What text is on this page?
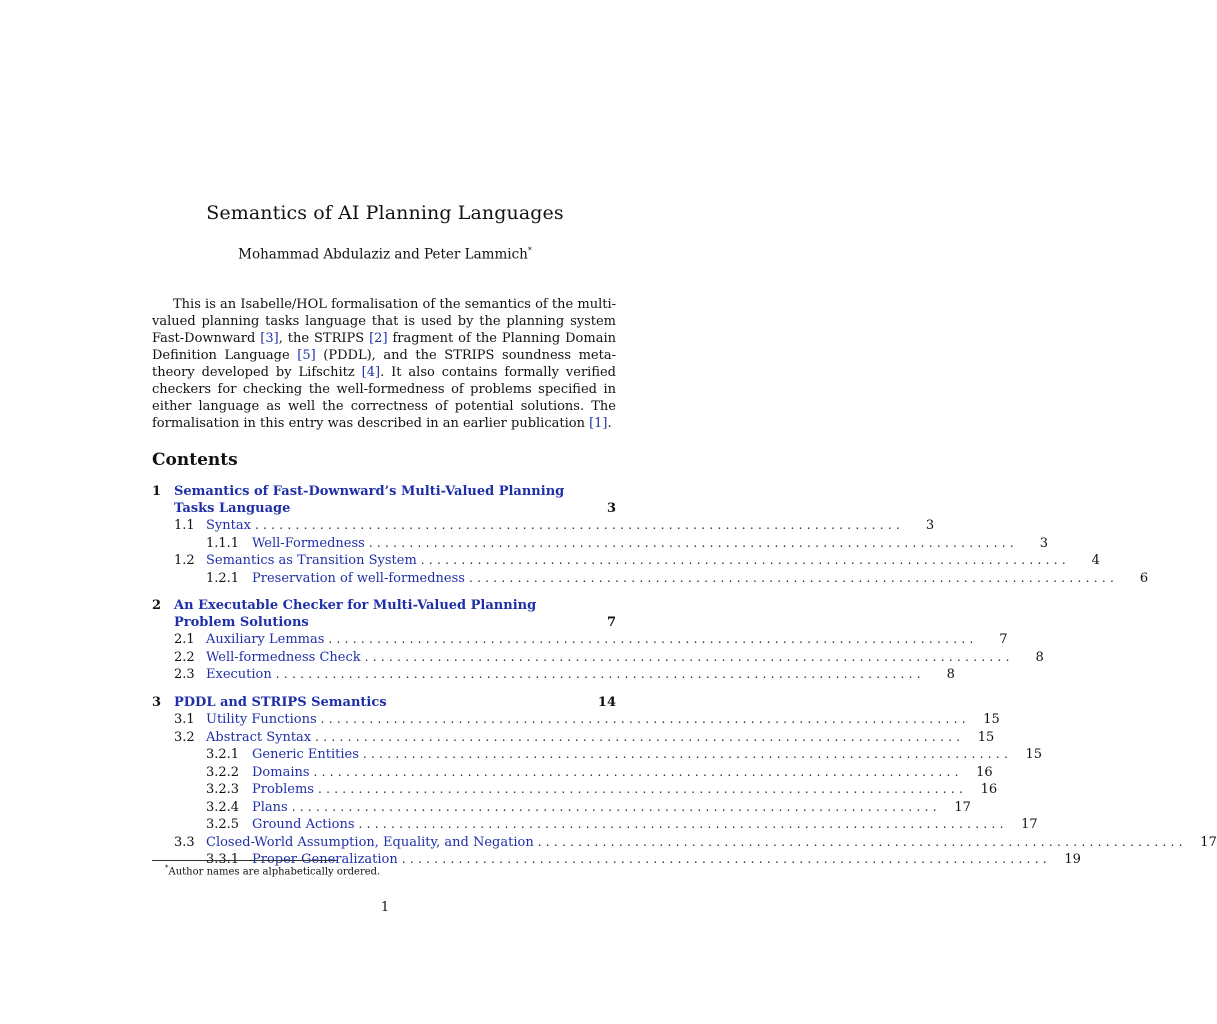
Semantics of AI Planning Languages
Mohammad Abdulaziz and Peter Lammich*
This is an Isabelle/HOL formalisation of the semantics of the multi-valued planning tasks language that is used by the planning system Fast-Downward [3], the STRIPS [2] fragment of the Planning Domain Definition Language [5] (PDDL), and the STRIPS soundness meta-theory developed by Lifschitz [4]. It also contains formally verified checkers for checking the well-formedness of problems specified in either language as well the correctness of potential solutions. The formalisation in this entry was described in an earlier publication [1].
Contents
1 Semantics of Fast-Downward’s Multi-Valued Planning Tasks Language	3
1.1 Syntax ................................................................................	3
1.1.1 Well-Formedness ................................................................................	3
1.2 Semantics as Transition System ................................................................................	4
1.2.1 Preservation of well-formedness ................................................................................	6
2 An Executable Checker for Multi-Valued Planning Problem Solutions	7
2.1 Auxiliary Lemmas ................................................................................	7
2.2 Well-formedness Check ................................................................................	8
2.3 Execution ................................................................................	8
3 PDDL and STRIPS Semantics	14
3.1 Utility Functions ................................................................................	15
3.2 Abstract Syntax ................................................................................	15
3.2.1 Generic Entities ................................................................................	15
3.2.2 Domains ................................................................................	16
3.2.3 Problems ................................................................................	16
3.2.4 Plans ................................................................................	17
3.2.5 Ground Actions ................................................................................	17
3.3 Closed-World Assumption, Equality, and Negation ................................................................................	17
3.3.1 Proper Generalization ................................................................................	19
*Author names are alphabetically ordered.
1
